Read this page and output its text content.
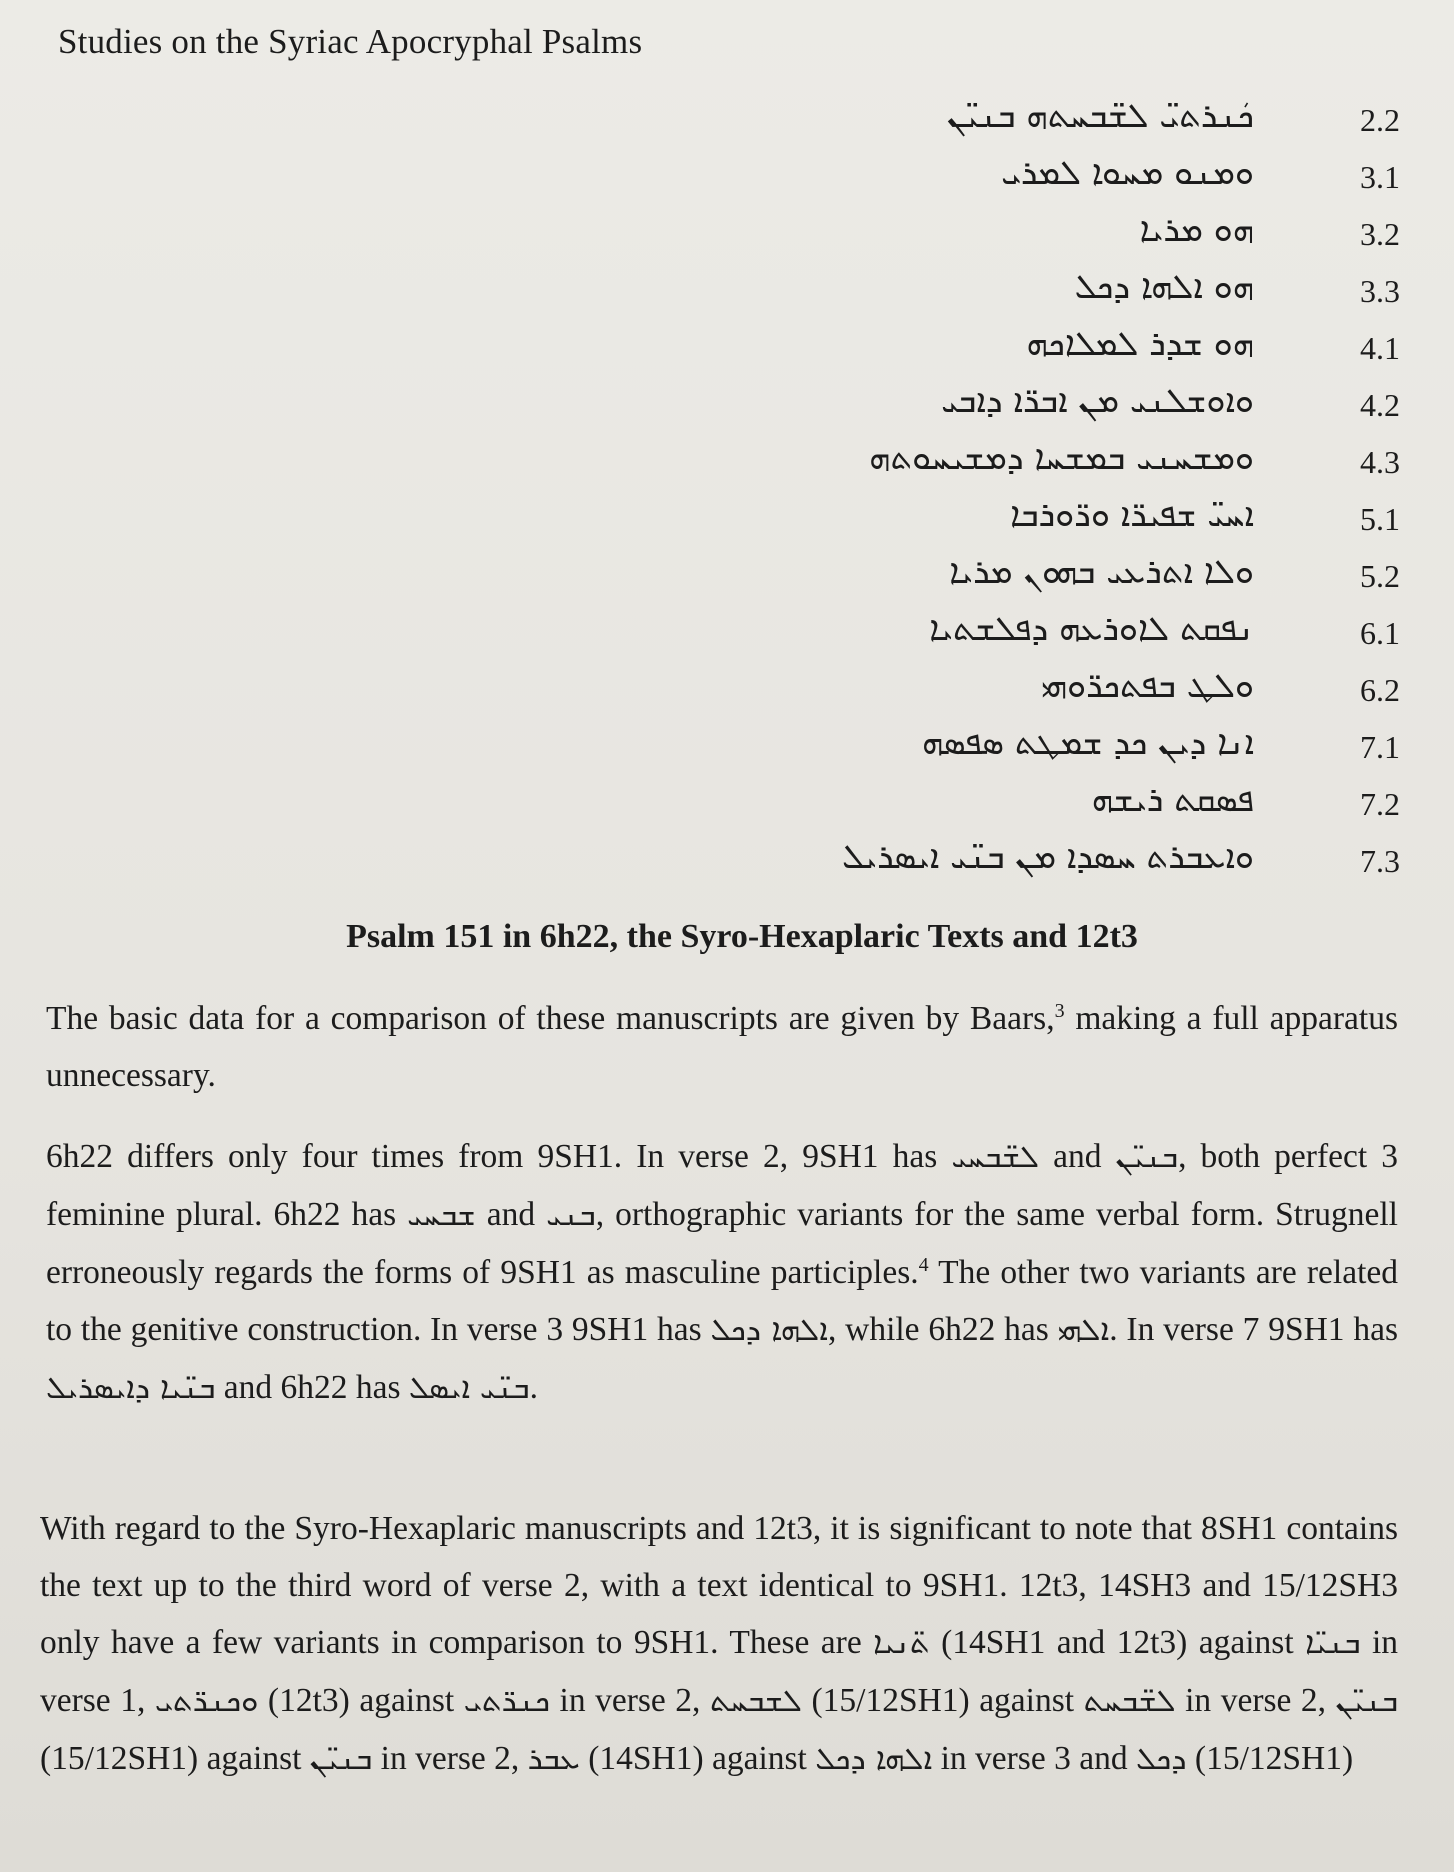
Studies on the Syriac Apocryphal Psalms
ܟܿܢܪܬܝ̈ ܠܫ̈ܒܚܬܗ ܒܢܝ̈ܢ	2.2
ܘܡܢܘ ܡܚܘܐ ܠܡܪܝ	3.1
ܗܘ ܡܪܝܐ	3.2
ܗܘ ܐܠܗܐ ܕܟܠ	3.3
ܗܘ ܫܕܪ ܠܡܠܐܟܗ	4.1
ܘܐܘܫܠܢܝ ܡܢ ܐܒܪ̈ܐ ܕܐܒܝ	4.2
ܘܡܫܚܢܝ ܒܡܫܚܐ ܕܡܫܝܚܘܬܗ	4.3
ܐܚܝ̈ ܫܦܝܪ̈ܐ ܘܪ̈ܘܪܒܐ	5.1
ܘܠܐ ܐܬܪܥܝ ܒܗܘܢ ܡܪܝܐ	5.2
ܢܦܩܬ ܠܐܘܪܥܗ ܕܦܠܫܬܝܐ	6.1
ܘܠܛ ܒܦܬܟܪ̈ܘܗܝ	6.2
ܐܢܐ ܕܝܢ ܟܕ ܫܡܛܬ ܣܦܣܗ	7.1
ܦܣܩܬ ܪܝܫܗ	7.2
ܘܐܥܒܪܬ ܚܣܕܐ ܡܢ ܒܢ̈ܝ ܐܝܣܪܝܠ	7.3
Psalm 151 in 6h22, the Syro-Hexaplaric Texts and 12t3

The basic data for a comparison of these manuscripts are given by Baars,$^3$ making a full apparatus unnecessary.

6h22 differs only four times from 9SH1. In verse 2, 9SH1 has ܠܫ̈ܒܚܝ and ܒܢܝ̈ܢ, both perfect 3 feminine plural. 6h22 has ܫܒܚܝ and ܒܢܝ, orthographic variants for the same verbal form. Strugnell erroneously regards the forms of 9SH1 as masculine participles.$^4$ The other two variants are related to the genitive construction. In verse 3 9SH1 has ܐܠܗܐ ܕܟܠ, while 6h22 has ܐܠܗܝ. In verse 7 9SH1 has ܒܢ̈ܝܐ ܕܐܝܣܪܝܠ and 6h22 has ܒܢ̈ܝ ܐܝܣܠ.

With regard to the Syro-Hexaplaric manuscripts and 12t3, it is significant to note that 8SH1 contains the text up to the third word of verse 2, with a text identical to 9SH1. 12t3, 14SH3 and 15/12SH3 only have a few variants in comparison to 9SH1. These are ܬ̈ܢܝܐ (14SH1 and 12t3) against ܒܢܝ̈ܐ in verse 1, ܘܟܢܪ̈ܬܝ (12t3) against ܟܢܪ̈ܬܝ in verse 2, ܠܫܒܚܬ (15/12SH1) against ܠܫ̈ܒܚܬ in verse 2, ܒܢܝ̈ܢ (15/12SH1) against ܒܢܝ̈ܢ in verse 2, ܥܒܪ (14SH1) against ܐܠܗܐ ܕܟܠ in verse 3 and ܕܟܠ (15/12SH1)
